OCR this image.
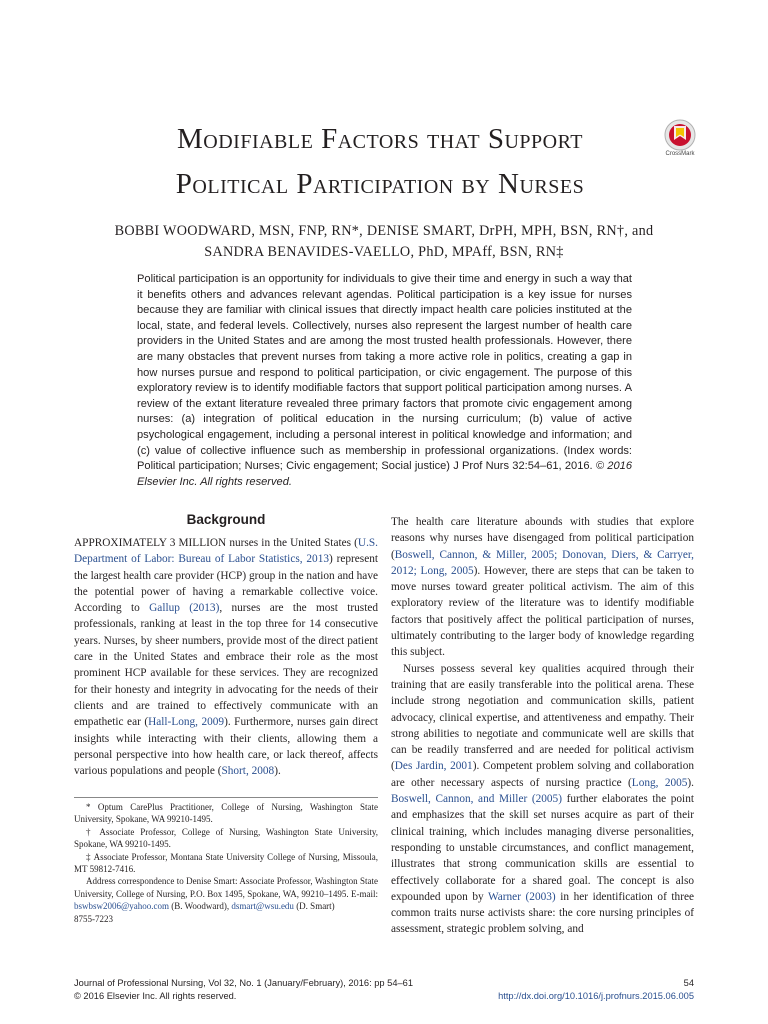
Modifiable Factors that Support
Political Participation by Nurses
CrossMark
BOBBI WOODWARD, MSN, FNP, RN*, DENISE SMART, DrPH, MPH, BSN, RN†, and
SANDRA BENAVIDES-VAELLO, PhD, MPAff, BSN, RN‡

Political participation is an opportunity for individuals to give their time and energy in such a way that it benefits others and advances relevant agendas. Political participation is a key issue for nurses because they are familiar with clinical issues that directly impact health care policies instituted at the local, state, and federal levels. Collectively, nurses also represent the largest number of health care providers in the United States and are among the most trusted health professionals. However, there are many obstacles that prevent nurses from taking a more active role in politics, creating a gap in how nurses pursue and respond to political participation, or civic engagement. The purpose of this exploratory review is to identify modifiable factors that support political participation among nurses. A review of the extant literature revealed three primary factors that promote civic engagement among nurses: (a) integration of political education in the nursing curriculum; (b) value of active psychological engagement, including a personal interest in political knowledge and information; and (c) value of collective influence such as membership in professional organizations. (Index words: Political participation; Nurses; Civic engagement; Social justice) J Prof Nurs 32:54–61, 2016. © 2016 Elsevier Inc. All rights reserved.

Background

APPROXIMATELY 3 MILLION nurses in the United States (U.S. Department of Labor: Bureau of Labor Statistics, 2013) represent the largest health care provider (HCP) group in the nation and have the potential power of having a remarkable collective voice. According to Gallup (2013), nurses are the most trusted professionals, ranking at least in the top three for 14 consecutive years. Nurses, by sheer numbers, provide most of the direct patient care in the United States and embrace their role as the most prominent HCP available for these services. They are recognized for their honesty and integrity in advocating for the needs of their clients and are trained to effectively communicate with an empathetic ear (Hall-Long, 2009). Furthermore, nurses gain direct insights while interacting with their clients, allowing them a personal perspective into how health care, or lack thereof, affects various populations and people (Short, 2008).

* Optum CarePlus Practitioner, College of Nursing, Washington State University, Spokane, WA 99210-1495.

† Associate Professor, College of Nursing, Washington State University, Spokane, WA 99210-1495.

‡ Associate Professor, Montana State University College of Nursing, Missoula, MT 59812-7416.

Address correspondence to Denise Smart: Associate Professor, Washington State University, College of Nursing, P.O. Box 1495, Spokane, WA, 99210–1495. E-mail: bswbsw2006@yahoo.com (B. Woodward), dsmart@wsu.edu (D. Smart)

8755-7223

The health care literature abounds with studies that explore reasons why nurses have disengaged from political participation (Boswell, Cannon, & Miller, 2005; Donovan, Diers, & Carryer, 2012; Long, 2005). However, there are steps that can be taken to move nurses toward greater political activism. The aim of this exploratory review of the literature was to identify modifiable factors that positively affect the political participation of nurses, ultimately contributing to the larger body of knowledge regarding this subject.

Nurses possess several key qualities acquired through their training that are easily transferable into the political arena. These include strong negotiation and communication skills, patient advocacy, clinical expertise, and attentiveness and empathy. Their strong abilities to negotiate and communicate well are skills that can be readily transferred and are needed for political activism (Des Jardin, 2001). Competent problem solving and collaboration are other necessary aspects of nursing practice (Long, 2005). Boswell, Cannon, and Miller (2005) further elaborates the point and emphasizes that the skill set nurses acquire as part of their clinical training, which includes managing diverse personalities, responding to unstable circumstances, and conflict management, illustrates that strong communication skills are essential to effectively collaborate for a shared goal. The concept is also expounded upon by Warner (2003) in her identification of three common traits nurse activists share: the core nursing principles of assessment, strategic problem solving, and

Journal of Professional Nursing, Vol 32, No. 1 (January/February), 2016: pp 54–61
© 2016 Elsevier Inc. All rights reserved.
54
http://dx.doi.org/10.1016/j.profnurs.2015.06.005
